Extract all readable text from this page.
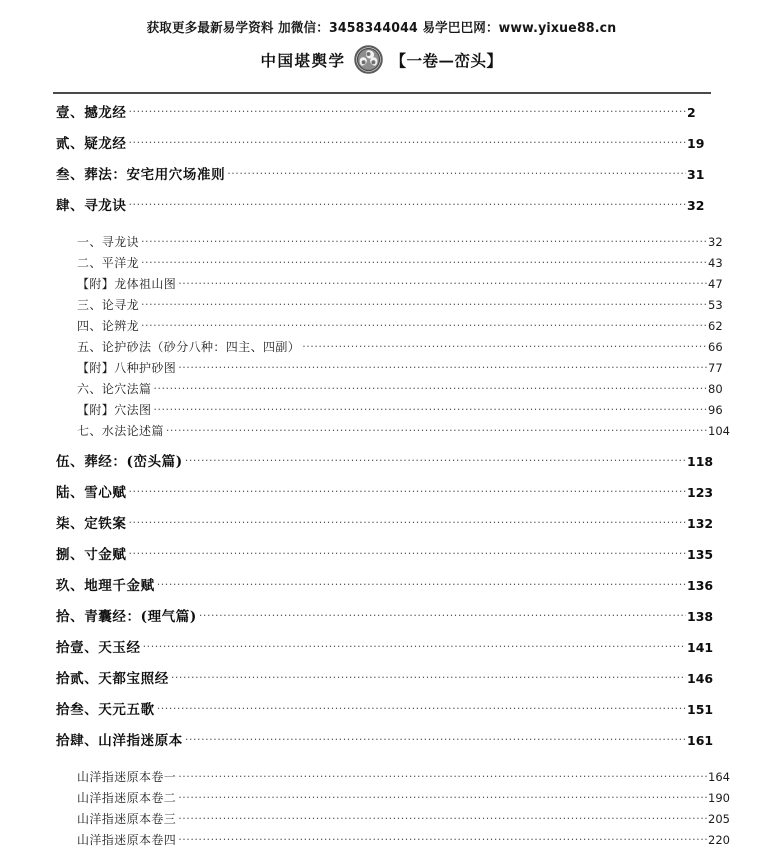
获取更多最新易学资料 加微信：3458344044 易学巴巴网：www.yixue88.cn
中国堪舆学	【一卷—峦头】
壹、撼龙经 .....	2
贰、疑龙经 .....	19
叁、葬法：安宅用穴场准则 .....	31
肆、寻龙诀 .....	32
一、寻龙诀 .....	32
二、平洋龙 .....	43
【附】龙体祖山图 .....	47
三、论寻龙 .....	53
四、论辨龙 .....	62
五、论护砂法（砂分八种：四主、四副） .....	66
【附】八种护砂图 .....	77
六、论穴法篇 .....	80
【附】穴法图 .....	96
七、水法论述篇 .....	104
伍、葬经：(峦头篇) .....	118
陆、雪心赋 .....	123
柒、定铁案 .....	132
捌、寸金赋 .....	135
玖、地理千金赋 .....	136
拾、青囊经：(理气篇) .....	138
拾壹、天玉经 .....	141
拾贰、天都宝照经 .....	146
拾叁、天元五歌 .....	151
拾肆、山洋指迷原本 .....	161
山洋指迷原本卷一 .....	164
山洋指迷原本卷二 .....	190
山洋指迷原本卷三 .....	205
山洋指迷原本卷四 .....	220
